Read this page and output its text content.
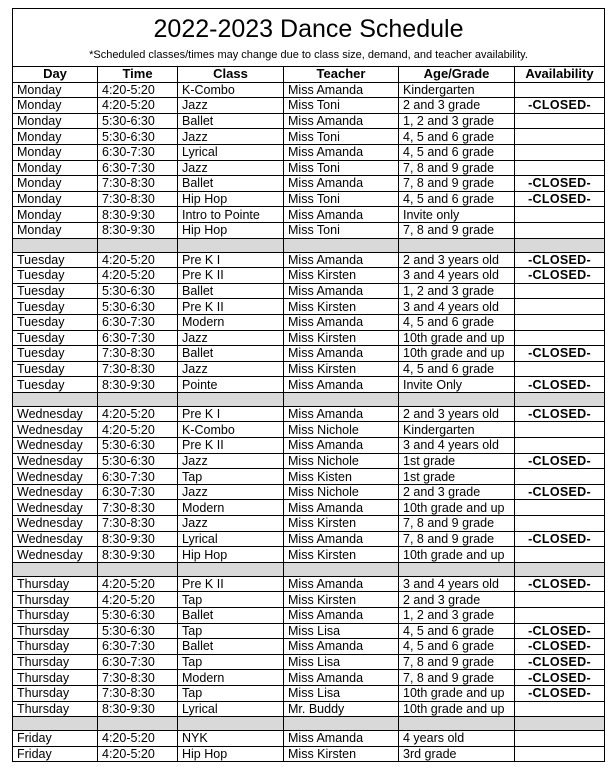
2022-2023 Dance Schedule					
*Scheduled classes/times may change due to class size, demand, and teacher availability.					
Day	Time	Class	Teacher	Age/Grade	Availability
Monday	4:20-5:20	K-Combo	Miss Amanda	Kindergarten	
Monday	4:20-5:20	Jazz	Miss Toni	2 and 3 grade	-CLOSED-
Monday	5:30-6:30	Ballet	Miss Amanda	1, 2 and 3 grade	
Monday	5:30-6:30	Jazz	Miss Toni	4, 5 and 6 grade	
Monday	6:30-7:30	Lyrical	Miss Amanda	4, 5 and 6 grade	
Monday	6:30-7:30	Jazz	Miss Toni	7, 8 and 9 grade	
Monday	7:30-8:30	Ballet	Miss Amanda	7, 8 and 9 grade	-CLOSED-
Monday	7:30-8:30	Hip Hop	Miss Toni	4, 5 and 6 grade	-CLOSED-
Monday	8:30-9:30	Intro to Pointe	Miss Amanda	Invite only	
Monday	8:30-9:30	Hip Hop	Miss Toni	7, 8 and 9 grade	

Tuesday	4:20-5:20	Pre K I	Miss Amanda	2 and 3 years old	-CLOSED-
Tuesday	4:20-5:20	Pre K II	Miss Kirsten	3 and 4 years old	-CLOSED-
Tuesday	5:30-6:30	Ballet	Miss Amanda	1, 2 and 3 grade	
Tuesday	5:30-6:30	Pre K II	Miss Kirsten	3 and 4 years old	
Tuesday	6:30-7:30	Modern	Miss Amanda	4, 5 and 6 grade	
Tuesday	6:30-7:30	Jazz	Miss Kirsten	10th grade and up	
Tuesday	7:30-8:30	Ballet	Miss Amanda	10th grade and up	-CLOSED-
Tuesday	7:30-8:30	Jazz	Miss Kirsten	4, 5 and 6 grade	
Tuesday	8:30-9:30	Pointe	Miss Amanda	Invite Only	-CLOSED-

Wednesday	4:20-5:20	Pre K I	Miss Amanda	2 and 3 years old	-CLOSED-
Wednesday	4:20-5:20	K-Combo	Miss Nichole	Kindergarten	
Wednesday	5:30-6:30	Pre K II	Miss Amanda	3 and 4 years old	
Wednesday	5:30-6:30	Jazz	Miss Nichole	1st grade	-CLOSED-
Wednesday	6:30-7:30	Tap	Miss Kisten	1st grade	
Wednesday	6:30-7:30	Jazz	Miss Nichole	2 and 3 grade	-CLOSED-
Wednesday	7:30-8:30	Modern	Miss Amanda	10th grade and up	
Wednesday	7:30-8:30	Jazz	Miss Kirsten	7, 8 and 9 grade	
Wednesday	8:30-9:30	Lyrical	Miss Amanda	7, 8 and 9 grade	-CLOSED-
Wednesday	8:30-9:30	Hip Hop	Miss Kirsten	10th grade and up	

Thursday	4:20-5:20	Pre K II	Miss Amanda	3 and 4 years old	-CLOSED-
Thursday	4:20-5:20	Tap	Miss Kirsten	2 and 3 grade	
Thursday	5:30-6:30	Ballet	Miss Amanda	1, 2 and 3 grade	
Thursday	5:30-6:30	Tap	Miss Lisa	4, 5 and 6 grade	-CLOSED-
Thursday	6:30-7:30	Ballet	Miss Amanda	4, 5 and 6 grade	-CLOSED-
Thursday	6:30-7:30	Tap	Miss Lisa	7, 8 and 9 grade	-CLOSED-
Thursday	7:30-8:30	Modern	Miss Amanda	7, 8 and 9 grade	-CLOSED-
Thursday	7:30-8:30	Tap	Miss Lisa	10th grade and up	-CLOSED-
Thursday	8:30-9:30	Lyrical	Mr. Buddy	10th grade and up	

Friday	4:20-5:20	NYK	Miss Amanda	4 years old	
Friday	4:20-5:20	Hip Hop	Miss Kirsten	3rd grade	
